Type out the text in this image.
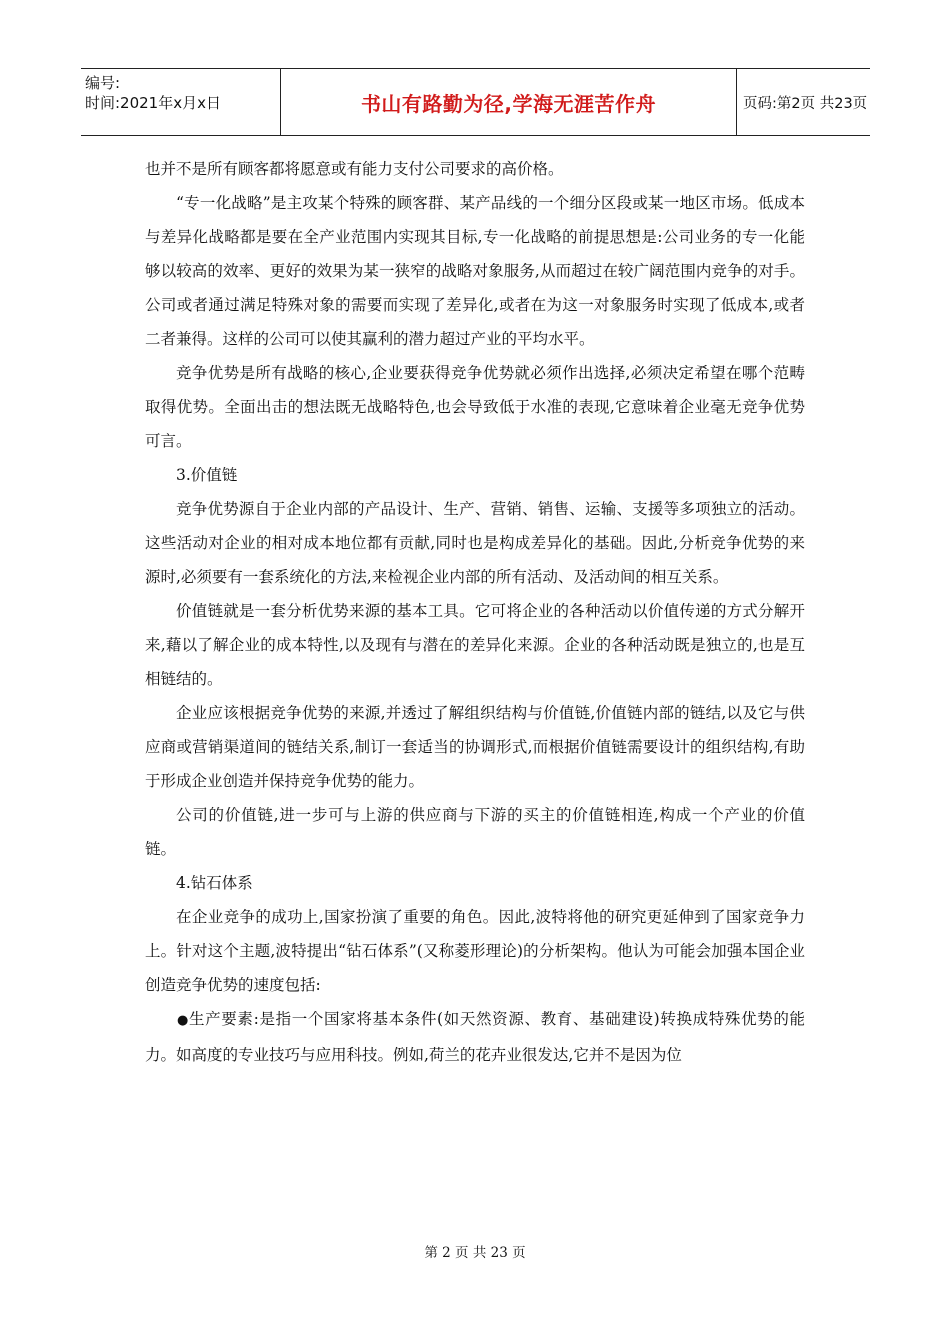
编号:
时间:2021年x月x日	书山有路勤为径,学海无涯苦作舟	页码:第2页 共23页

也并不是所有顾客都将愿意或有能力支付公司要求的高价格。

“专一化战略”是主攻某个特殊的顾客群、某产品线的一个细分区段或某一地区市场。低成本与差异化战略都是要在全产业范围内实现其目标,专一化战略的前提思想是:公司业务的专一化能够以较高的效率、更好的效果为某一狭窄的战略对象服务,从而超过在较广阔范围内竞争的对手。公司或者通过满足特殊对象的需要而实现了差异化,或者在为这一对象服务时实现了低成本,或者二者兼得。这样的公司可以使其赢利的潜力超过产业的平均水平。

竞争优势是所有战略的核心,企业要获得竞争优势就必须作出选择,必须决定希望在哪个范畴取得优势。全面出击的想法既无战略特色,也会导致低于水准的表现,它意味着企业毫无竞争优势可言。

3.价值链

竞争优势源自于企业内部的产品设计、生产、营销、销售、运输、支援等多项独立的活动。这些活动对企业的相对成本地位都有贡献,同时也是构成差异化的基础。因此,分析竞争优势的来源时,必须要有一套系统化的方法,来检视企业内部的所有活动、及活动间的相互关系。

价值链就是一套分析优势来源的基本工具。它可将企业的各种活动以价值传递的方式分解开来,藉以了解企业的成本特性,以及现有与潜在的差异化来源。企业的各种活动既是独立的,也是互相链结的。

企业应该根据竞争优势的来源,并透过了解组织结构与价值链,价值链内部的链结,以及它与供应商或营销渠道间的链结关系,制订一套适当的协调形式,而根据价值链需要设计的组织结构,有助于形成企业创造并保持竞争优势的能力。

公司的价值链,进一步可与上游的供应商与下游的买主的价值链相连,构成一个产业的价值链。

4.钻石体系

在企业竞争的成功上,国家扮演了重要的角色。因此,波特将他的研究更延伸到了国家竞争力上。针对这个主题,波特提出“钻石体系”(又称菱形理论)的分析架构。他认为可能会加强本国企业创造竞争优势的速度包括:

●生产要素:是指一个国家将基本条件(如天然资源、教育、基础建设)转换成特殊优势的能力。如高度的专业技巧与应用科技。例如,荷兰的花卉业很发达,它并不是因为位

第 2 页 共 23 页
